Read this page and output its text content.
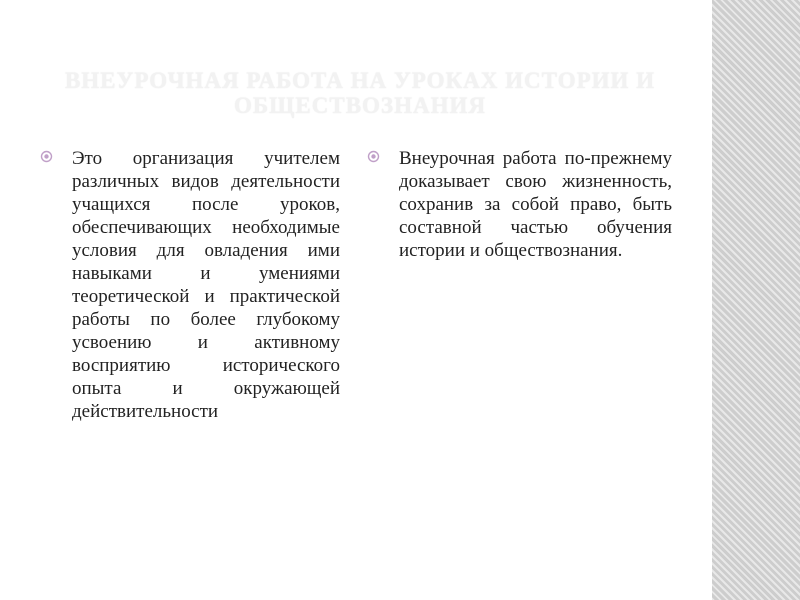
ВНЕУРОЧНАЯ РАБОТА НА УРОКАХ ИСТОРИИ И ОБЩЕСТВОЗНАНИЯ

Это организация учителем различных видов деятельности учащихся после уроков, обеспечивающих необходимые условия для овладения ими навыками и умениями теоретической и практической работы по более глубокому усвоению и активному восприятию исторического опыта и окружающей действительности

Внеурочная работа по-прежнему доказывает свою жизненность, сохранив за собой право, быть составной частью обучения истории и обществознания.
